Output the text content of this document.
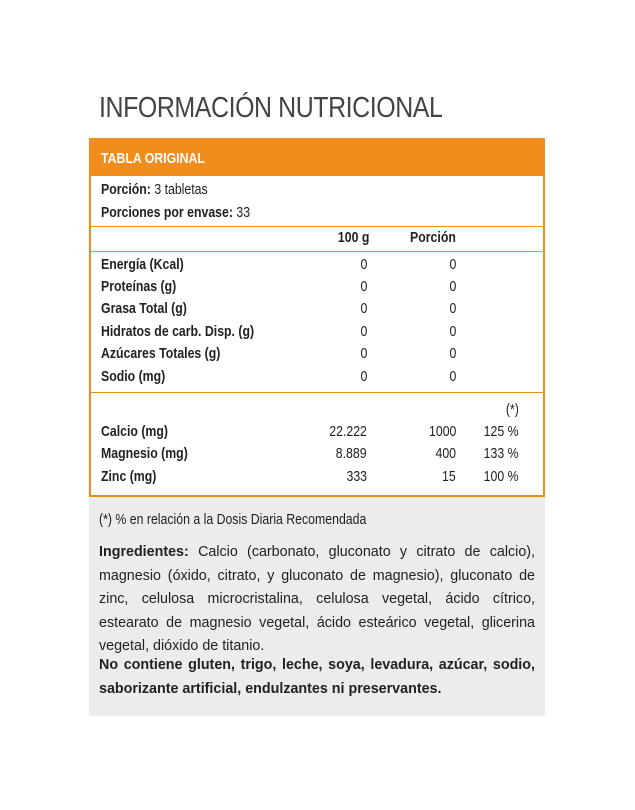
INFORMACIÓN NUTRICIONAL
TABLA ORIGINAL
Porción: 3 tabletas
Porciones por envase: 33
100 g	Porción
Energía (Kcal)	0	0
Proteínas (g)	0	0
Grasa Total (g)	0	0
Hidratos de carb. Disp. (g)	0	0
Azúcares Totales (g)	0	0
Sodio (mg)	0	0
(*)
Calcio (mg)	22.222	1000 125 %
Magnesio (mg)	8.889	400 133 %
Zinc (mg)	333	15 100 %
(*) % en relación a la Dosis Diaria Recomendada
Ingredientes: Calcio (carbonato, gluconato y citrato de calcio), magnesio (óxido, citrato, y gluconato de magnesio), gluconato de zinc, celulosa microcristalina, celulosa vegetal, ácido cítrico, estearato de magnesio vegetal, ácido esteárico vegetal, glicerina vegetal, dióxido de titanio.
No contiene gluten, trigo, leche, soya, levadura, azúcar, sodio, saborizante artificial, endulzantes ni preservantes.
